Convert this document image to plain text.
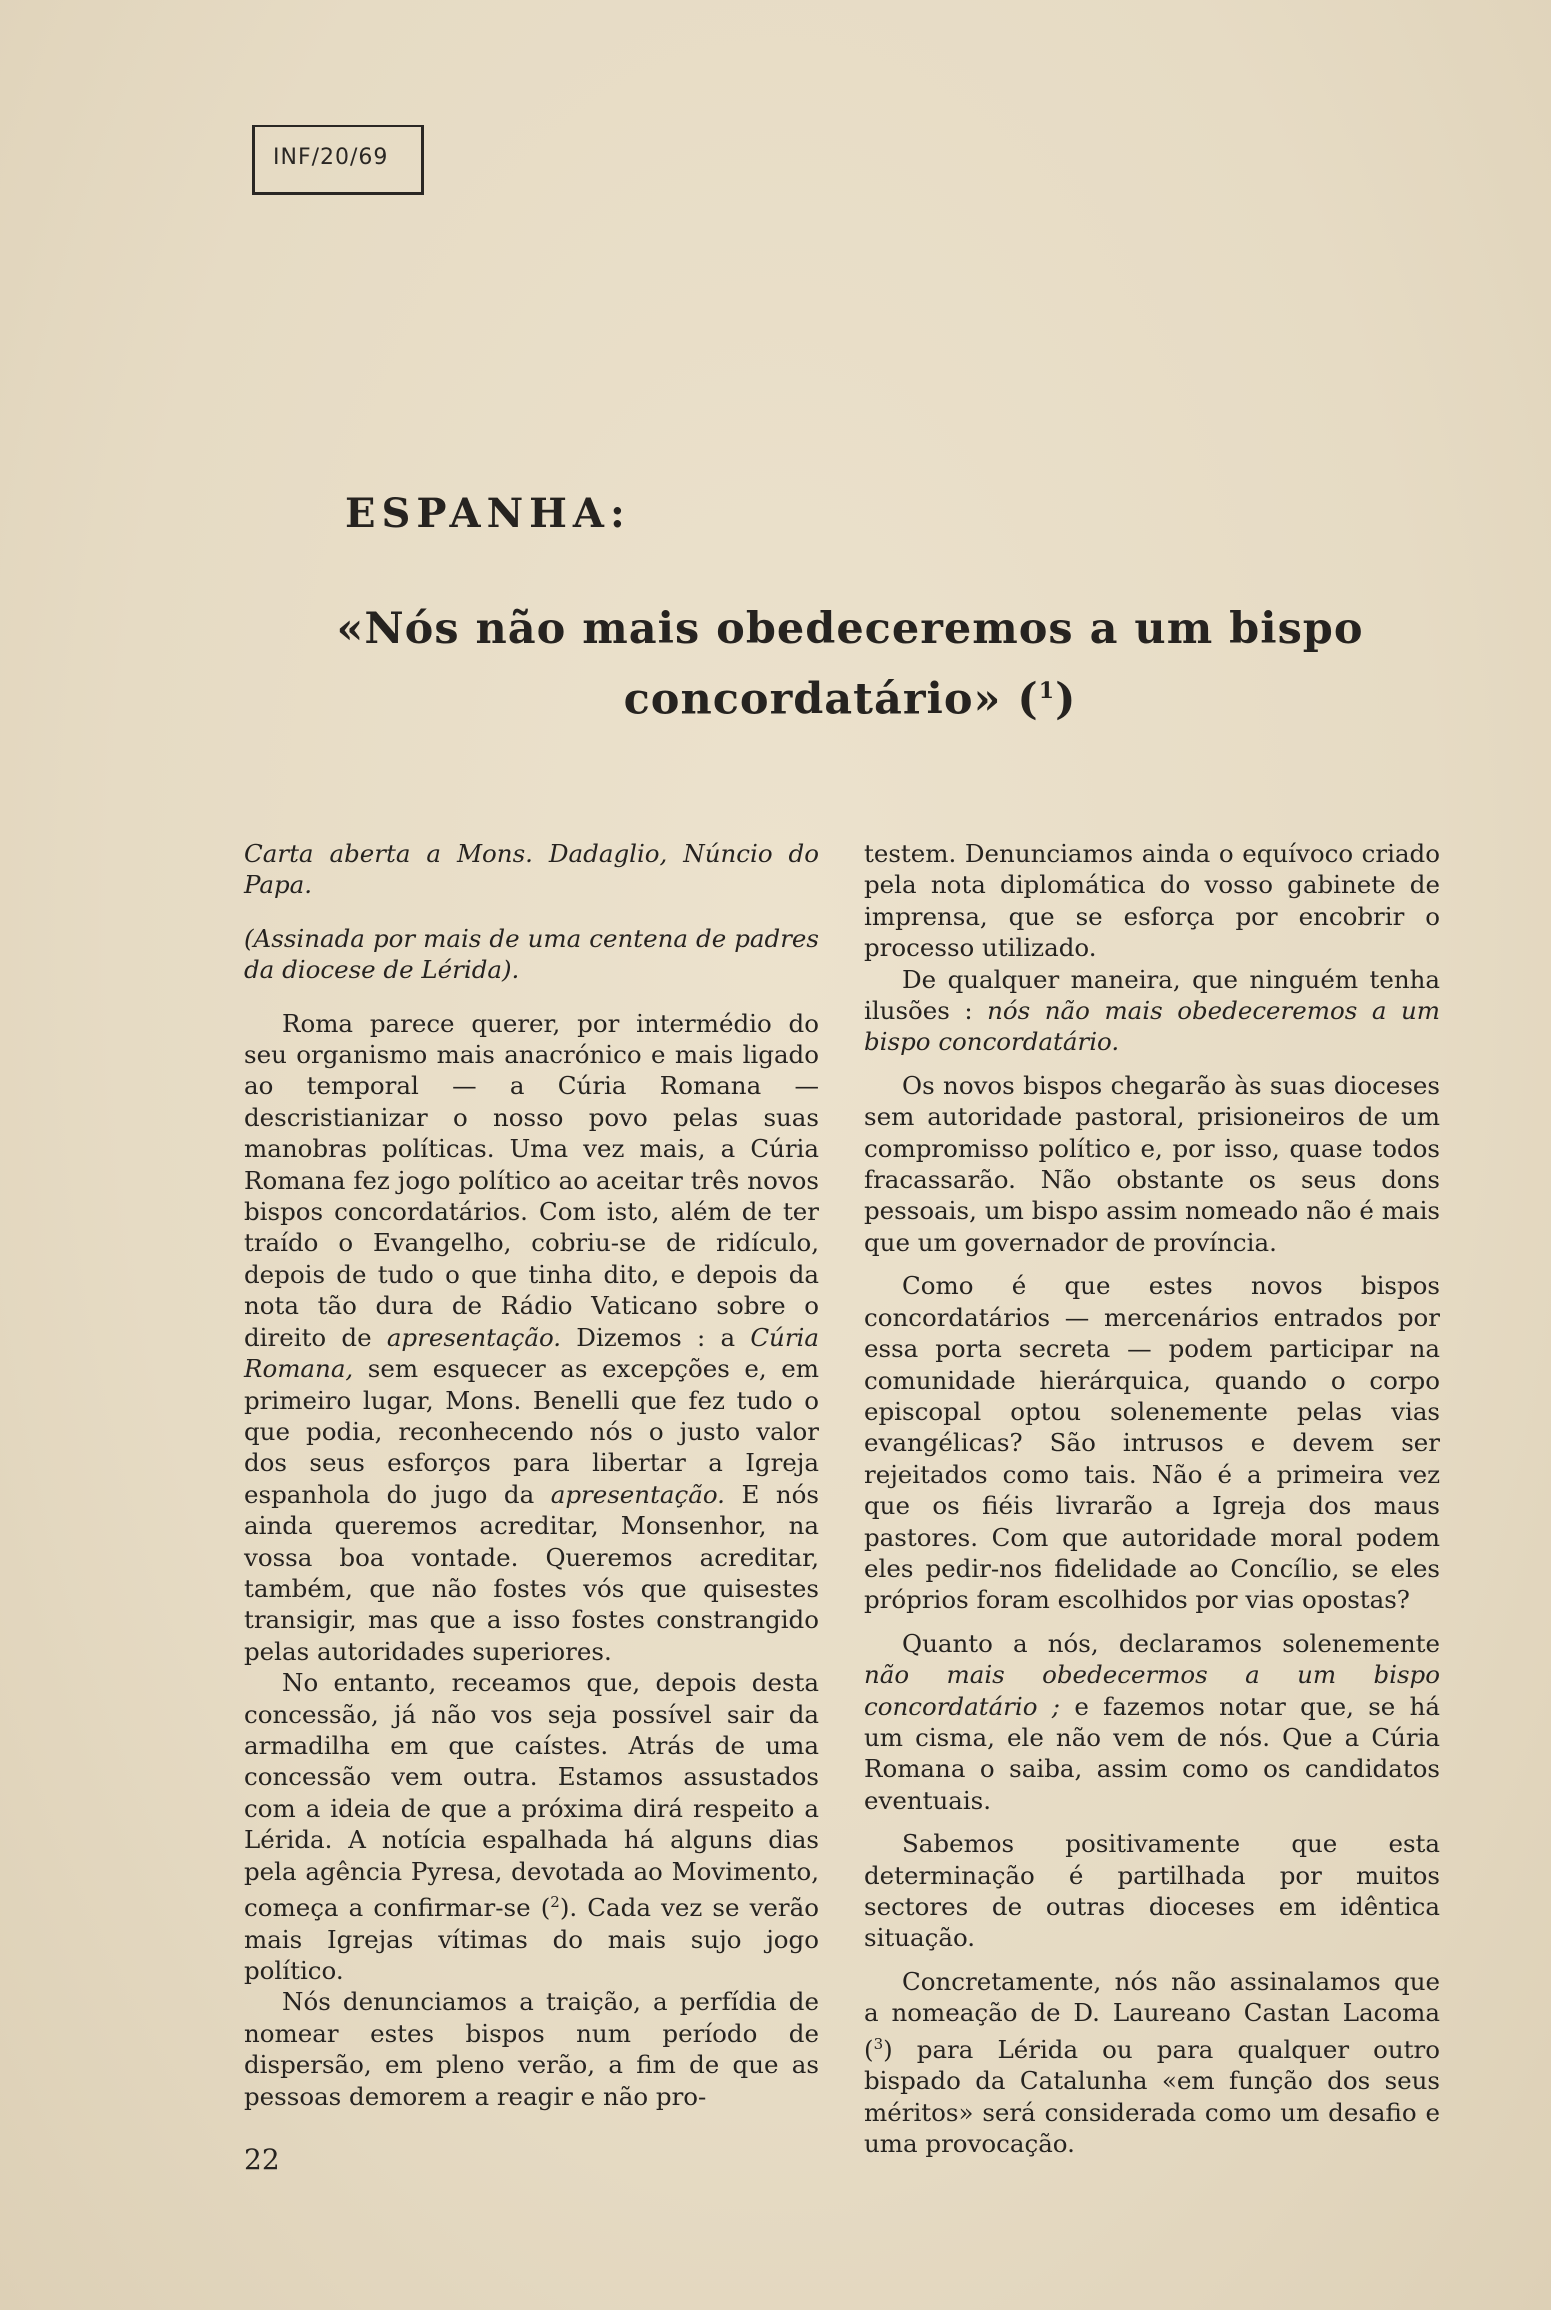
INF/20/69
ESPANHA:
«Nós não mais obedeceremos a um bispo
concordatário» ($^1$)

Carta aberta a Mons. Dadaglio, Núncio do Papa.

(Assinada por mais de uma centena de padres da diocese de Lérida).

Roma parece querer, por intermédio do seu organismo mais anacrónico e mais ligado ao temporal — a Cúria Romana — descristianizar o nosso povo pelas suas manobras políticas. Uma vez mais, a Cúria Romana fez jogo político ao aceitar três novos bispos concordatários. Com isto, além de ter traído o Evangelho, cobriu-se de ridículo, depois de tudo o que tinha dito, e depois da nota tão dura de Rádio Vaticano sobre o direito de apresentação. Dizemos : a Cúria Romana, sem esquecer as excepções e, em primeiro lugar, Mons. Benelli que fez tudo o que podia, reconhecendo nós o justo valor dos seus esforços para libertar a Igreja espanhola do jugo da apresentação. E nós ainda queremos acreditar, Monsenhor, na vossa boa vontade. Queremos acreditar, também, que não fostes vós que quisestes transigir, mas que a isso fostes constrangido pelas autoridades superiores.

No entanto, receamos que, depois desta concessão, já não vos seja possível sair da armadilha em que caístes. Atrás de uma concessão vem outra. Estamos assustados com a ideia de que a próxima dirá respeito a Lérida. A notícia espalhada há alguns dias pela agência Pyresa, devotada ao Movimento, começa a confirmar-se ($^2$). Cada vez se verão mais Igrejas vítimas do mais sujo jogo político.

Nós denunciamos a traição, a perfídia de nomear estes bispos num período de dispersão, em pleno verão, a fim de que as pessoas demorem a reagir e não pro-

testem. Denunciamos ainda o equívoco criado pela nota diplomática do vosso gabinete de imprensa, que se esforça por encobrir o processo utilizado.

De qualquer maneira, que ninguém tenha ilusões : nós não mais obedeceremos a um bispo concordatário.

Os novos bispos chegarão às suas dioceses sem autoridade pastoral, prisioneiros de um compromisso político e, por isso, quase todos fracassarão. Não obstante os seus dons pessoais, um bispo assim nomeado não é mais que um governador de província.

Como é que estes novos bispos concordatários — mercenários entrados por essa porta secreta — podem participar na comunidade hierárquica, quando o corpo episcopal optou solenemente pelas vias evangélicas? São intrusos e devem ser rejeitados como tais. Não é a primeira vez que os fiéis livrarão a Igreja dos maus pastores. Com que autoridade moral podem eles pedir-nos fidelidade ao Concílio, se eles próprios foram escolhidos por vias opostas?

Quanto a nós, declaramos solenemente não mais obedecermos a um bispo concordatário ; e fazemos notar que, se há um cisma, ele não vem de nós. Que a Cúria Romana o saiba, assim como os candidatos eventuais.

Sabemos positivamente que esta determinação é partilhada por muitos sectores de outras dioceses em idêntica situação.

Concretamente, nós não assinalamos que a nomeação de D. Laureano Castan Lacoma ($^3$) para Lérida ou para qualquer outro bispado da Catalunha «em função dos seus méritos» será considerada como um desafio e uma provocação.

22
